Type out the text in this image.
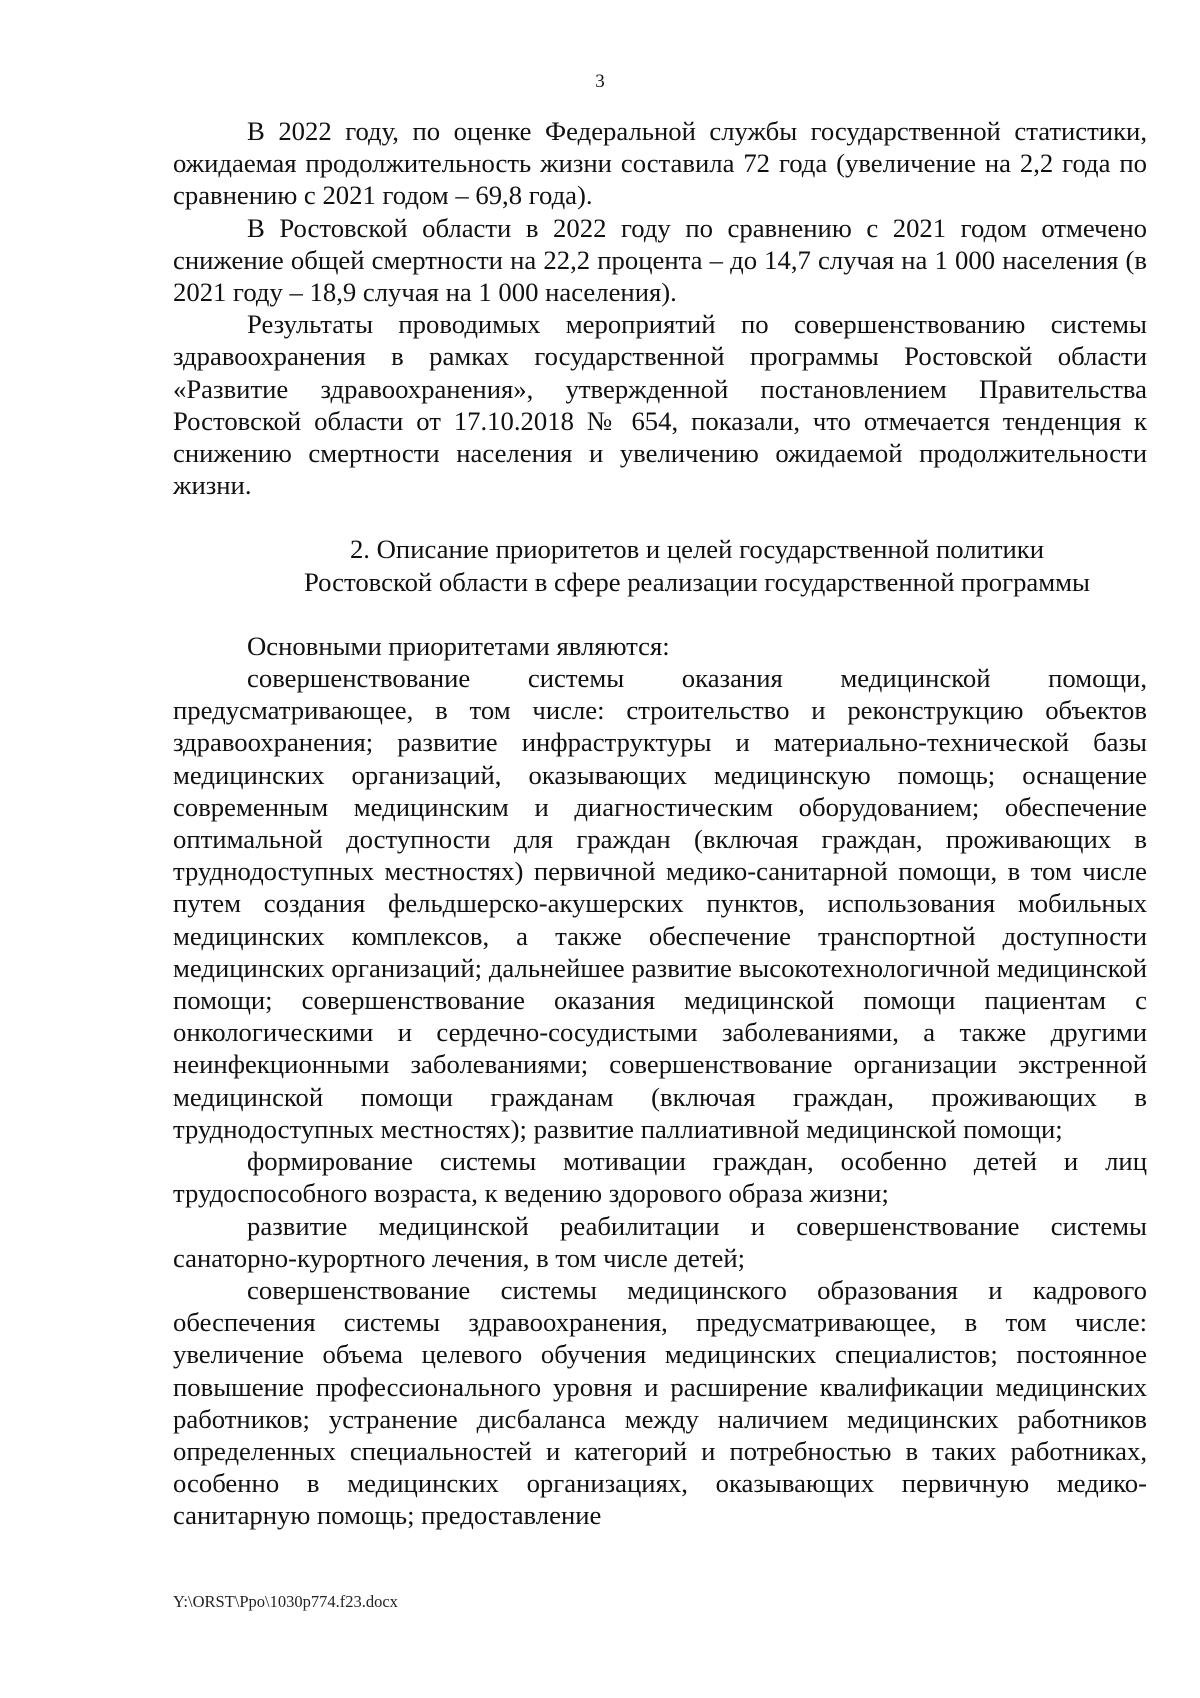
3

В 2022 году, по оценке Федеральной службы государственной статистики, ожидаемая продолжительность жизни составила 72 года (увеличение на 2,2 года по сравнению с 2021 годом – 69,8 года).

В Ростовской области в 2022 году по сравнению с 2021 годом отмечено снижение общей смертности на 22,2 процента – до 14,7 случая на 1 000 населения (в 2021 году – 18,9 случая на 1 000 населения).

Результаты проводимых мероприятий по совершенствованию системы здравоохранения в рамках государственной программы Ростовской области «Развитие здравоохранения», утвержденной постановлением Правительства Ростовской области от 17.10.2018 № 654, показали, что отмечается тенденция к снижению смертности населения и увеличению ожидаемой продолжительности жизни.

2. Описание приоритетов и целей государственной политики

Ростовской области в сфере реализации государственной программы

Основными приоритетами являются:

совершенствование системы оказания медицинской помощи, предусматривающее, в том числе: строительство и реконструкцию объектов здравоохранения; развитие инфраструктуры и материально-технической базы медицинских организаций, оказывающих медицинскую помощь; оснащение современным медицинским и диагностическим оборудованием; обеспечение оптимальной доступности для граждан (включая граждан, проживающих в труднодоступных местностях) первичной медико-санитарной помощи, в том числе путем создания фельдшерско-акушерских пунктов, использования мобильных медицинских комплексов, а также обеспечение транспортной доступности медицинских организаций; дальнейшее развитие высокотехнологичной медицинской помощи; совершенствование оказания медицинской помощи пациентам с онкологическими и сердечно-сосудистыми заболеваниями, а также другими неинфекционными заболеваниями; совершенствование организации экстренной медицинской помощи гражданам (включая граждан, проживающих в труднодоступных местностях); развитие паллиативной медицинской помощи;

формирование системы мотивации граждан, особенно детей и лиц трудоспособного возраста, к ведению здорового образа жизни;

развитие медицинской реабилитации и совершенствование системы санаторно-курортного лечения, в том числе детей;

совершенствование системы медицинского образования и кадрового обеспечения системы здравоохранения, предусматривающее, в том числе: увеличение объема целевого обучения медицинских специалистов; постоянное повышение профессионального уровня и расширение квалификации медицинских работников; устранение дисбаланса между наличием медицинских работников определенных специальностей и категорий и потребностью в таких работниках, особенно в медицинских организациях, оказывающих первичную медико-санитарную помощь; предоставление

Y:\ORST\Ppo\1030p774.f23.docx
